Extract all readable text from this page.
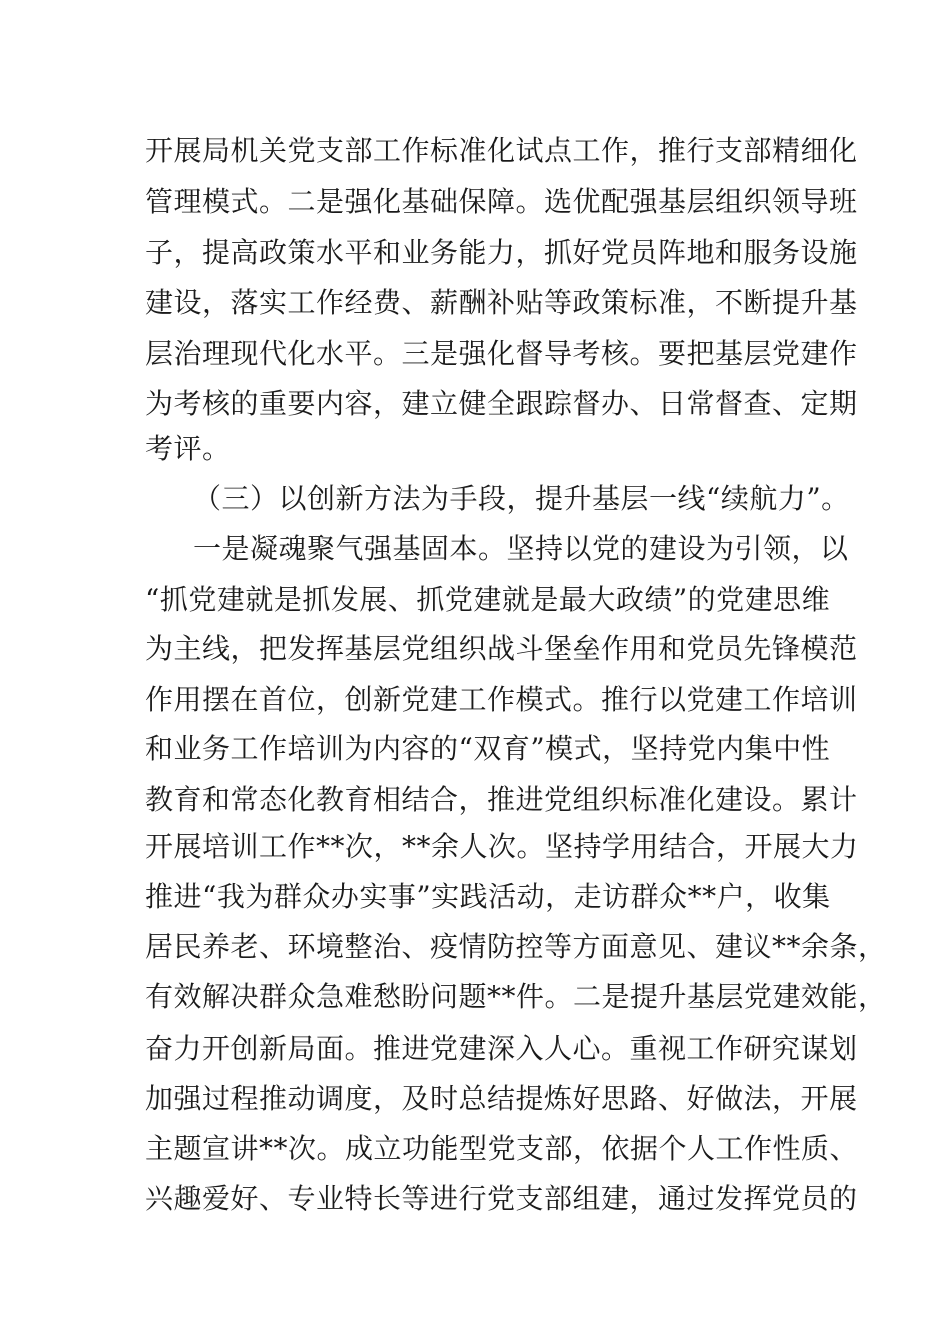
开展局机关党支部工作标准化试点工作，推行支部精细化
管理模式。二是强化基础保障。选优配强基层组织领导班
子，提高政策水平和业务能力，抓好党员阵地和服务设施
建设，落实工作经费、薪酬补贴等政策标准，不断提升基
层治理现代化水平。三是强化督导考核。要把基层党建作
为考核的重要内容，建立健全跟踪督办、日常督查、定期
考评。
（三）以创新方法为手段，提升基层一线“续航力”。
一是凝魂聚气强基固本。坚持以党的建设为引领，以
“抓党建就是抓发展、抓党建就是最大政绩”的党建思维
为主线，把发挥基层党组织战斗堡垒作用和党员先锋模范
作用摆在首位，创新党建工作模式。推行以党建工作培训
和业务工作培训为内容的“双育”模式，坚持党内集中性
教育和常态化教育相结合，推进党组织标准化建设。累计
开展培训工作**次，**余人次。坚持学用结合，开展大力
推进“我为群众办实事”实践活动，走访群众**户，收集
居民养老、环境整治、疫情防控等方面意见、建议**余条，
有效解决群众急难愁盼问题**件。二是提升基层党建效能，
奋力开创新局面。推进党建深入人心。重视工作研究谋划
加强过程推动调度，及时总结提炼好思路、好做法，开展
主题宣讲**次。成立功能型党支部，依据个人工作性质、
兴趣爱好、专业特长等进行党支部组建，通过发挥党员的
